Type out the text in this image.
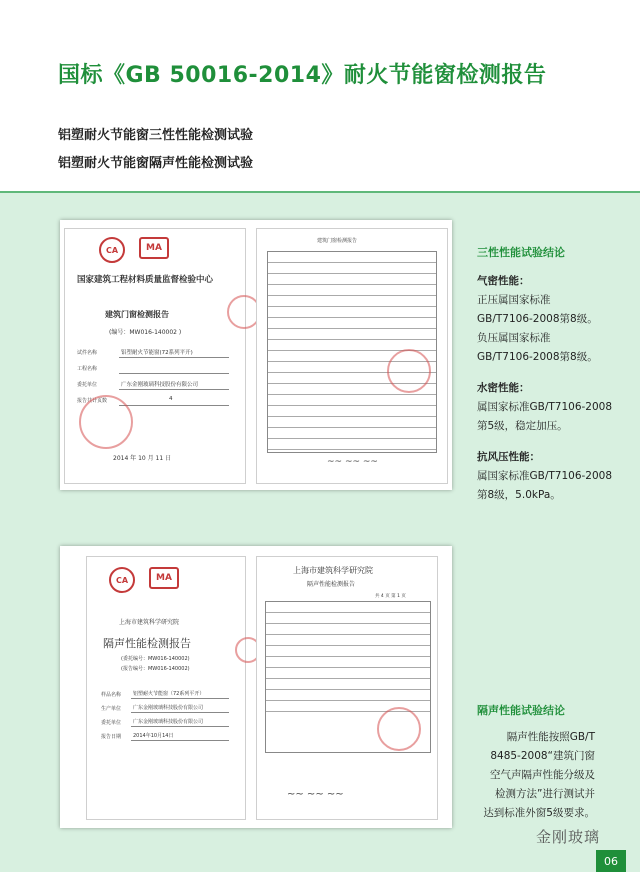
国标《GB 50016-2014》耐火节能窗检测报告
铝塑耐火节能窗三性性能检测试验
铝塑耐火节能窗隔声性能检测试验
CA	MA
国家建筑工程材料质量监督检验中心
建筑门窗检测报告
(编号：MW016-140002 )
试件名称	铝塑耐火节能窗(72系列平开)
工程名称
委托单位	广东金刚玻璃科技股份有限公司
报告共计页数	4
2014 年 10 月 11 日
建筑门窗检测报告
~~ ~~ ~~
CA	MA
上海市建筑科学研究院
隔声性能检测报告
(委托编号：MW016-140002)
(报告编号：MW016-140002)
样品名称 铝塑耐火节能窗（72系列平开）
生产单位 广东金刚玻璃科技股份有限公司
委托单位 广东金刚玻璃科技股份有限公司
报告日期 2014年10月14日
上海市建筑科学研究院
隔声性能检测报告
共 4 页 第 1 页
~~ ~~ ~~
三性性能试验结论
气密性能：
正压属国家标准
GB/T7106-2008第8级。
负压属国家标准
GB/T7106-2008第8级。
水密性能：
属国家标准GB/T7106-2008
第5级，稳定加压。
抗风压性能：
属国家标准GB/T7106-2008
第8级，5.0kPa。
隔声性能试验结论
隔声性能按照GB/T
8485-2008“建筑门窗
空气声隔声性能分级及
检测方法”进行测试并
达到标准外窗5级要求。
金刚玻璃
06
